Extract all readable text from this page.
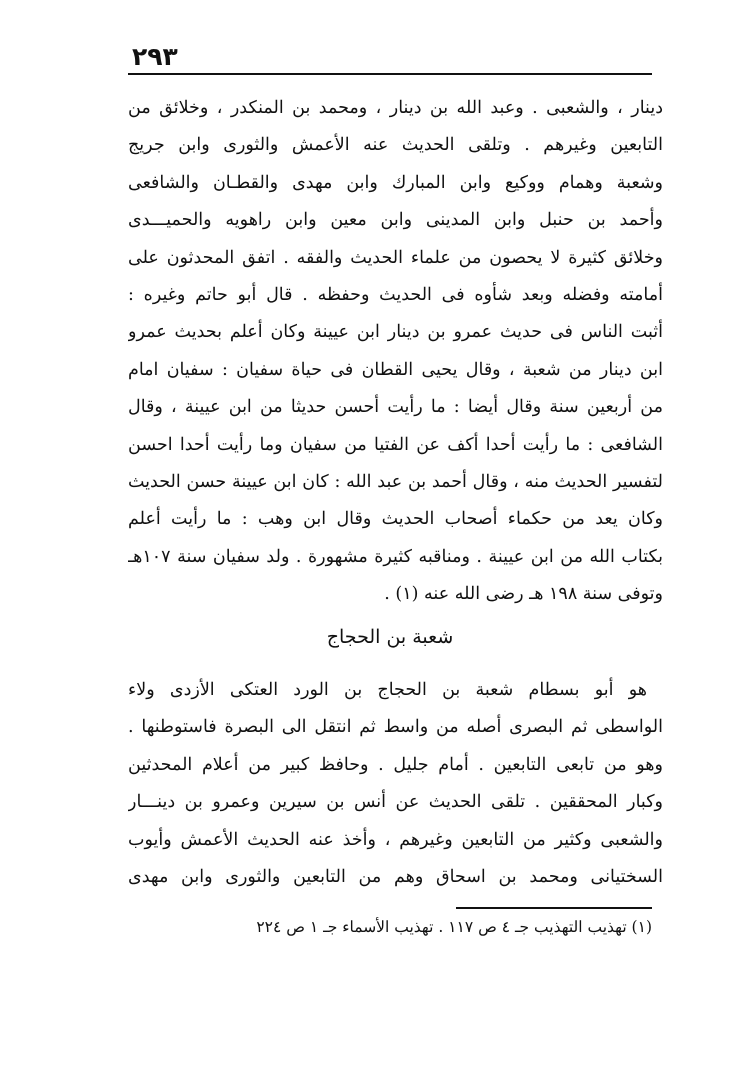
٢٩٣
دينار ، والشعبى . وعبد الله بن دينار ، ومحمد بن المنكدر ، وخلائق من
التابعين وغيرهم . وتلقى الحديث عنه الأعمش والثورى وابن جريج
وشعبة وهمام ووكيع وابن المبارك وابن مهدى والقطـان والشافعى
وأحمد بن حنبل وابن المدينى وابن معين وابن راهويه والحميـــدى
وخلائق كثيرة لا يحصون من علماء الحديث والفقه . اتفق المحدثون على
أمامته وفضله وبعد شأوه فى الحديث وحفظه . قال أبو حاتم وغيره :
أثبت الناس فى حديث عمرو بن دينار ابن عيينة وكان أعلم بحديث عمرو
ابن دينار من شعبة ، وقال يحيى القطان فى حياة سفيان : سفيان امام
من أربعين سنة وقال أيضا : ما رأيت أحسن حديثا من ابن عيينة ، وقال
الشافعى : ما رأيت أحدا أكف عن الفتيا من سفيان وما رأيت أحدا احسن
لتفسير الحديث منه ، وقال أحمد بن عبد الله : كان ابن عيينة حسن الحديث
وكان يعد من حكماء أصحاب الحديث وقال ابن وهب : ما رأيت أعلم
بكتاب الله من ابن عيينة . ومناقبه كثيرة مشهورة . ولد سفيان سنة ١٠٧هـ
وتوفى سنة ١٩٨ هـ رضى الله عنه (١) .
شعبة بن الحجاج
هو أبو بسطام شعبة بن الحجاج بن الورد العتكى الأزدى ولاء
الواسطى ثم البصرى أصله من واسط ثم انتقل الى البصرة فاستوطنها .
وهو من تابعى التابعين . أمام جليل . وحافظ كبير من أعلام المحدثين
وكبار المحققين . تلقى الحديث عن أنس بن سيرين وعمرو بن دينـــار
والشعبى وكثير من التابعين وغيرهم ، وأخذ عنه الحديث الأعمش وأيوب
السختيانى ومحمد بن اسحاق وهم من التابعين والثورى وابن مهدى
(١) تهذيب التهذيب جـ ٤ ص ١١٧ . تهذيب الأسماء جـ ١ ص ٢٢٤
